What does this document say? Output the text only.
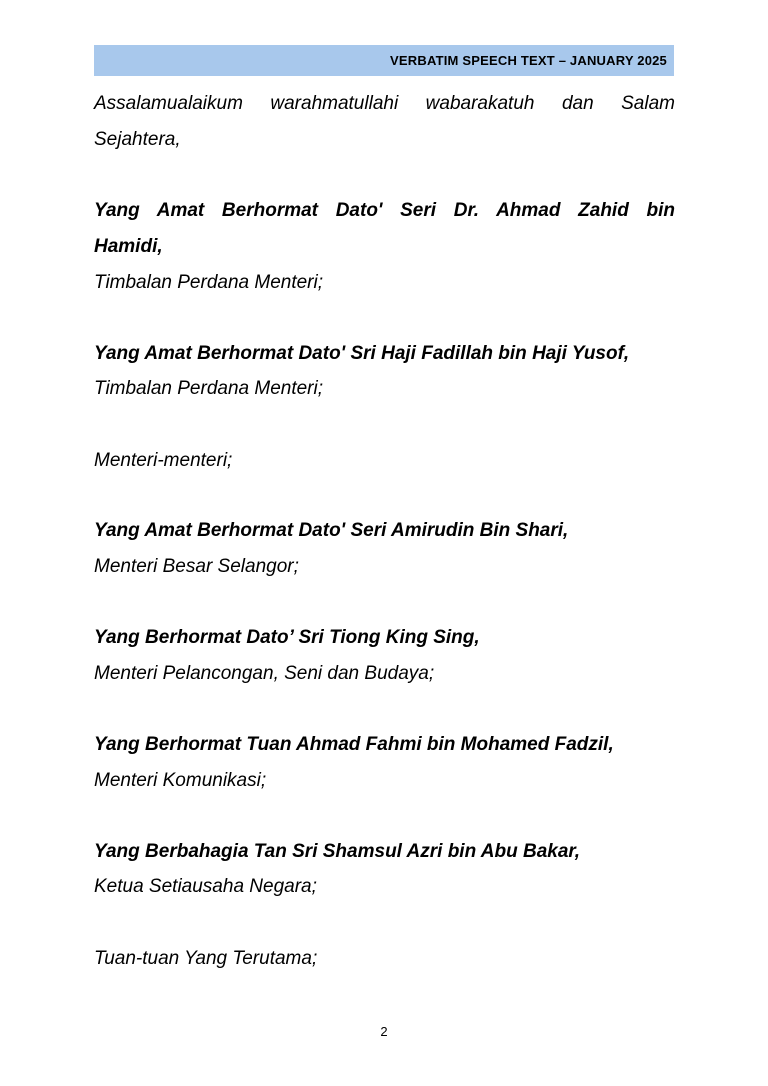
VERBATIM SPEECH TEXT – JANUARY 2025
Assalamualaikum warahmatullahi wabarakatuh dan Salam
Sejahtera,
Yang Amat Berhormat Dato' Seri Dr. Ahmad Zahid bin
Hamidi,
Timbalan Perdana Menteri;
Yang Amat Berhormat Dato' Sri Haji Fadillah bin Haji Yusof,
Timbalan Perdana Menteri;
Menteri-menteri;
Yang Amat Berhormat Dato' Seri Amirudin Bin Shari,
Menteri Besar Selangor;
Yang Berhormat Dato’ Sri Tiong King Sing,
Menteri Pelancongan, Seni dan Budaya;
Yang Berhormat Tuan Ahmad Fahmi bin Mohamed Fadzil,
Menteri Komunikasi;
Yang Berbahagia Tan Sri Shamsul Azri bin Abu Bakar,
Ketua Setiausaha Negara;
Tuan-tuan Yang Terutama;
2
